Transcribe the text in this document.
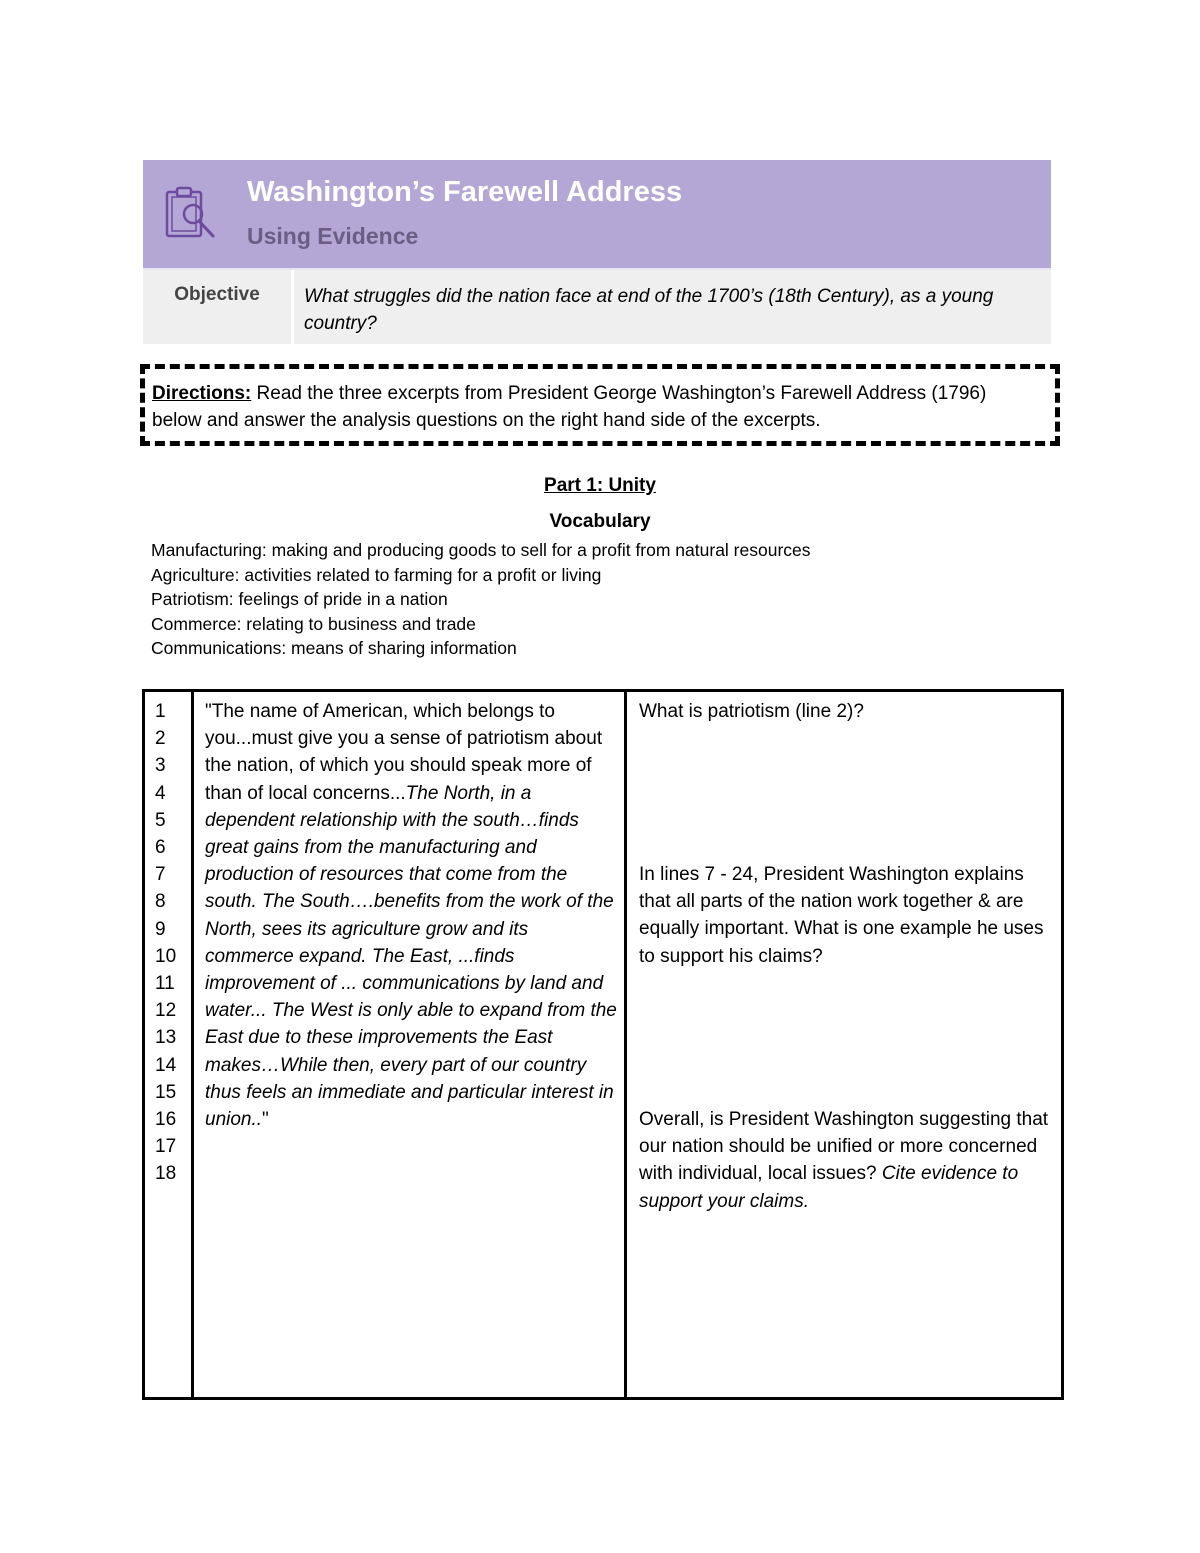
Washington’s Farewell Address
Using Evidence
Objective	What struggles did the nation face at end of the 1700’s (18th Century), as a young country?
Directions: Read the three excerpts from President George Washington’s Farewell Address (1796) below and answer the analysis questions on the right hand side of the excerpts.
Part 1: Unity
Vocabulary
Manufacturing: making and producing goods to sell for a profit from natural resources
Agriculture: activities related to farming for a profit or living
Patriotism: feelings of pride in a nation
Commerce: relating to business and trade
Communications: means of sharing information
1
2
3
4
5
6
7
8
9
10
11
12
13
14
15
16
17
18
"The name of American, which belongs to you...must give you a sense of patriotism about the nation, of which you should speak more of than of local concerns...The North, in a dependent relationship with the south…finds great gains from the manufacturing and production of resources that come from the south. The South….benefits from the work of the North, sees its agriculture grow and its commerce expand. The East, ...finds improvement of ... communications by land and water... The West is only able to expand from the East due to these improvements the East makes…While then, every part of our country thus feels an immediate and particular interest in union.."
What is patriotism (line 2)?
In lines 7 - 24, President Washington explains that all parts of the nation work together & are equally important. What is one example he uses to support his claims?
Overall, is President Washington suggesting that our nation should be unified or more concerned with individual, local issues? Cite evidence to support your claims.
